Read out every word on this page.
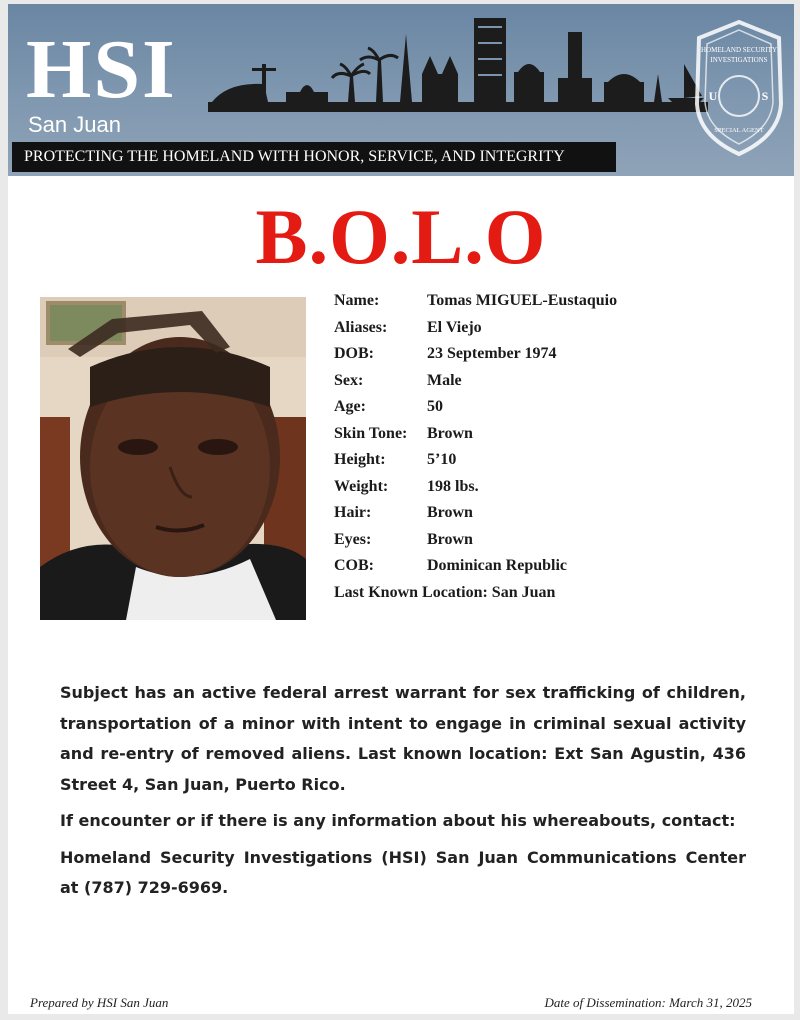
HSI
San Juan
HOMELAND SECURITY
INVESTIGATIONS
U	S
SPECIAL AGENT
PROTECTING THE HOMELAND WITH HONOR, SERVICE, AND INTEGRITY
B.O.L.O
Name:	Tomas MIGUEL-Eustaquio
Aliases: El Viejo
DOB:	23 September 1974
Sex:	Male
Age:	50
Skin Tone: Brown
Height:	5’10
Weight: 198 lbs.
Hair:	Brown
Eyes:	Brown
COB:	Dominican Republic
Last Known Location: San Juan

Subject has an active federal arrest warrant for sex trafficking of children, transportation of a minor with intent to engage in criminal sexual activity and re-entry of removed aliens. Last known location: Ext San Agustin, 436 Street 4, San Juan, Puerto Rico.

If encounter or if there is any information about his whereabouts, contact:

Homeland Security Investigations (HSI) San Juan Communications Center at (787) 729-6969.

Prepared by HSI San Juan	Date of Dissemination: March 31, 2025
